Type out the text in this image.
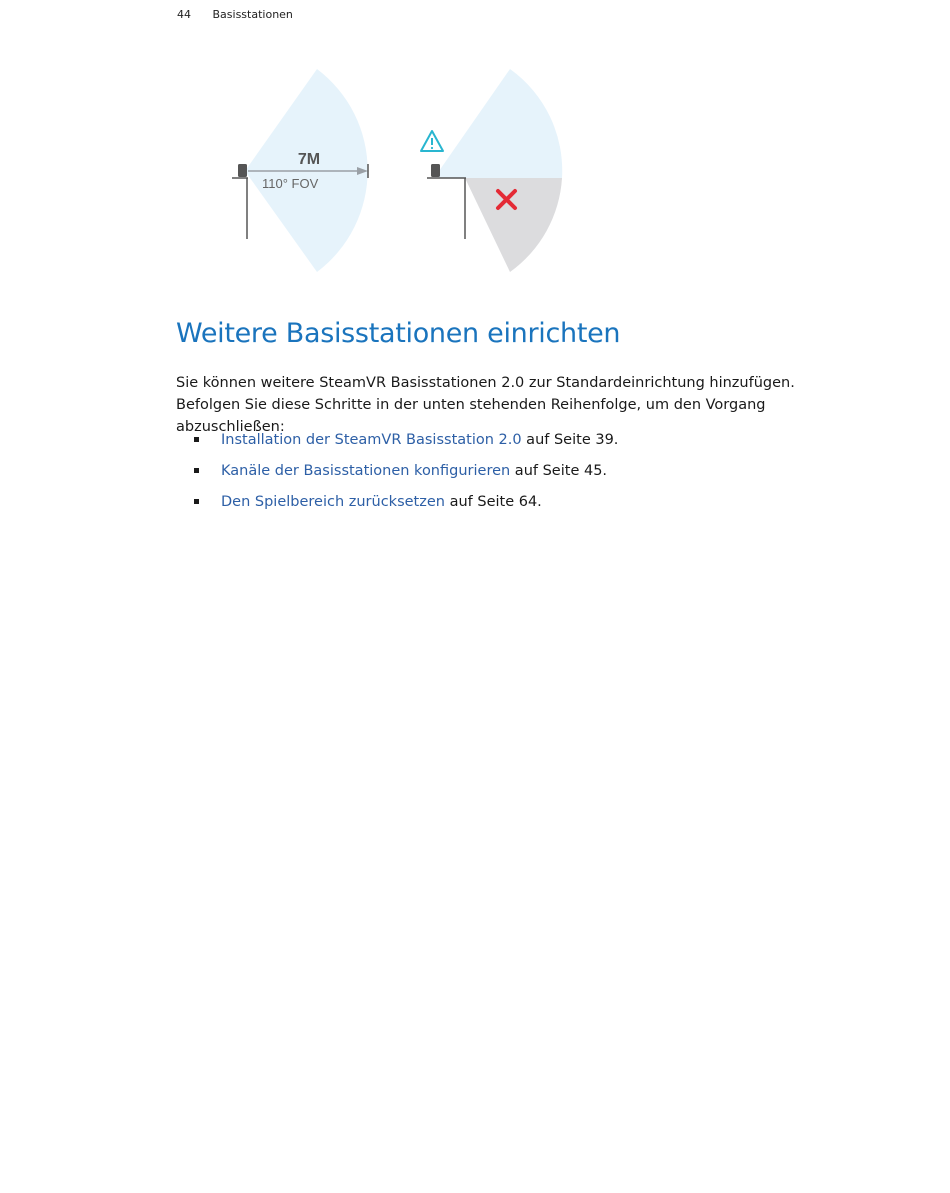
44 Basisstationen
7M
110° FOV
Weitere Basisstationen einrichten

Sie können weitere SteamVR Basisstationen 2.0 zur Standardeinrichtung hinzufügen. Befolgen Sie diese Schritte in der unten stehenden Reihenfolge, um den Vorgang abzuschließen:

Installation der SteamVR Basisstation 2.0 auf Seite 39.
Kanäle der Basisstationen konfigurieren auf Seite 45.
Den Spielbereich zurücksetzen auf Seite 64.
